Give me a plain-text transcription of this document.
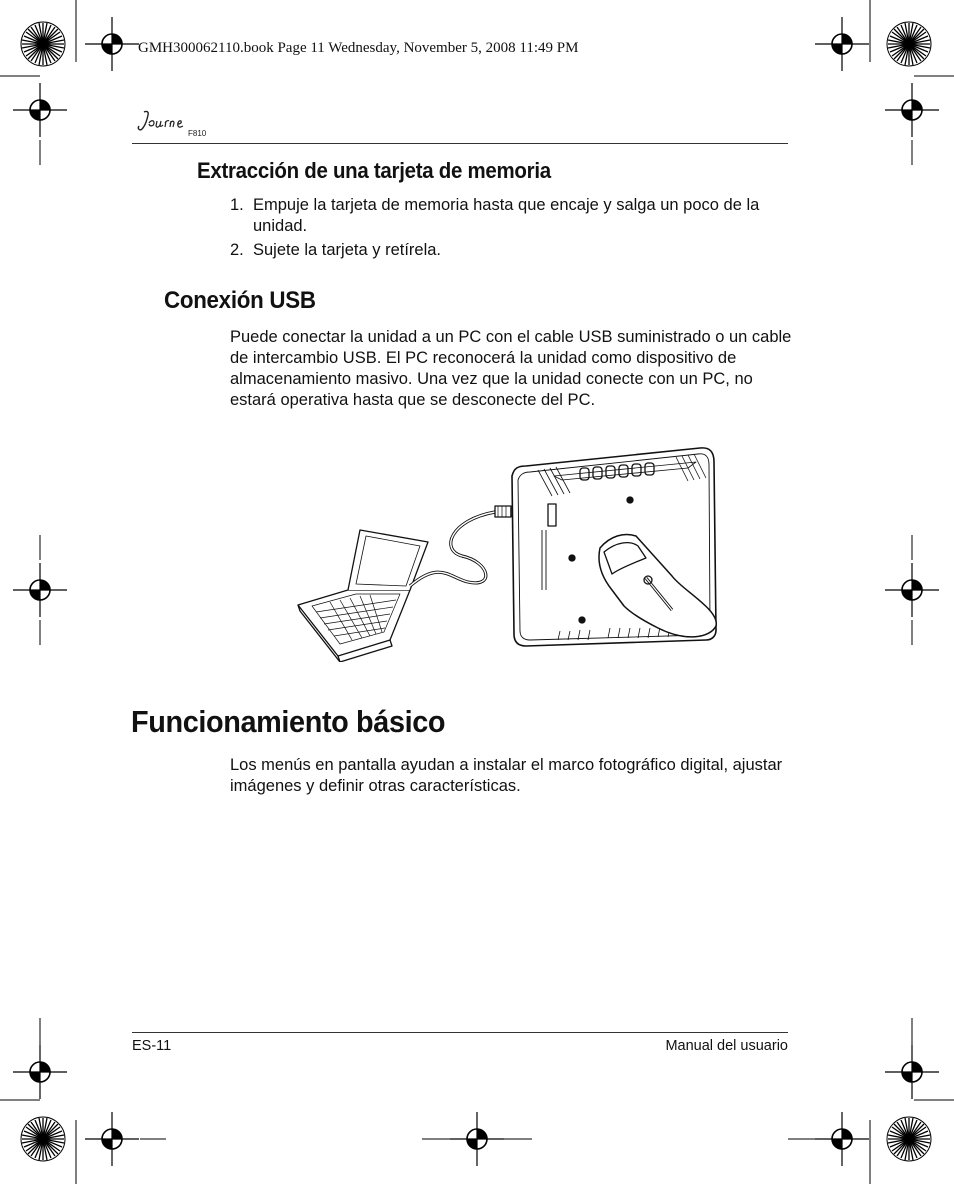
GMH300062110.book Page 11 Wednesday, November 5, 2008 11:49 PM
F810
Extracción de una tarjeta de memoria
1. Empuje la tarjeta de memoria hasta que encaje y salga un poco de la unidad.
2. Sujete la tarjeta y retírela.
Conexión USB

Puede conectar la unidad a un PC con el cable USB suministrado o un cable de intercambio USB. El PC reconocerá la unidad como dispositivo de almacenamiento masivo. Una vez que la unidad conecte con un PC, no estará operativa hasta que se desconecte del PC.

Funcionamiento básico

Los menús en pantalla ayudan a instalar el marco fotográfico digital, ajustar imágenes y definir otras características.

ES-11	Manual del usuario
